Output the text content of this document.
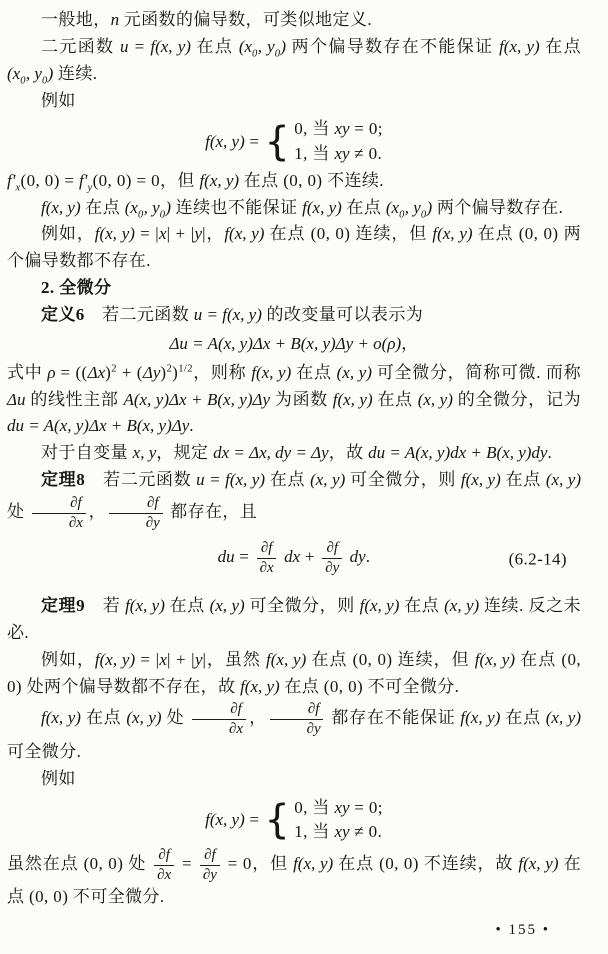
一般地，n 元函数的偏导数，可类似地定义.

二元函数 u = f(x, y) 在点 ($x_0$, $y_0$) 两个偏导数存在不能保证 f(x, y) 在点 ($x_0$, $y_0$) 连续.

例如

f(x, y) = { 0, 当 xy = 0;
1, 当 xy ≠ 0.

$f'_x(0$, $0) = f'_y(0$, 0) = 0，但 f(x, y) 在点 (0, 0) 不连续.

f(x, y) 在点 ($x_0$, $y_0$) 连续也不能保证 f(x, y) 在点 ($x_0$, $y_0$) 两个偏导数存在.

例如，f(x, y) = |x| + |y|，f(x, y) 在点 (0, 0) 连续，但 f(x, y) 在点 (0, 0) 两个偏导数都不存在.

2. 全微分

定义6　若二元函数 u = f(x, y) 的改变量可以表示为

Δu = A(x, y)Δx + B(x, y)Δy + o(ρ)，

式中 $\rho = ((\Delta x)^2 + (\Delta y)^2)^{1/2}$，则称 f(x, y) 在点 (x, y) 可全微分，简称可微. 而称 Δu 的线性主部 A(x, y)Δx + B(x, y)Δy 为函数 f(x, y) 在点 (x, y) 的全微分，记为 du = A(x, y)Δx + B(x, y)Δy.

对于自变量 x, y，规定 dx = Δx, dy = Δy，故 du = A(x, y)dx + B(x, y)dy.

定理8　若二元函数 u = f(x, y) 在点 (x, y) 可全微分，则 f(x, y) 在点 (x, y) 处 $\frac{\partial f}{\partial x}$ ， $\frac{\partial f}{\partial y}$ 都存在，且

du = $\frac{\partial f}{\partial x}$ dx + $\frac{\partial f}{\partial y}$ dy.	(6.2-14)

定理9　若 f(x, y) 在点 (x, y) 可全微分，则 f(x, y) 在点 (x, y) 连续. 反之未必.

例如，f(x, y) = |x| + |y|，虽然 f(x, y) 在点 (0, 0) 连续，但 f(x, y) 在点 (0, 0) 处两个偏导数都不存在，故 f(x, y) 在点 (0, 0) 不可全微分.

f(x, y) 在点 (x, y) 处 $\frac{\partial f}{\partial x}$ ， $\frac{\partial f}{\partial y}$ 都存在不能保证 f(x, y) 在点 (x, y) 可全微分.

例如

f(x, y) = { 0, 当 xy = 0;
1, 当 xy ≠ 0.

虽然在点 (0, 0) 处 $\frac{\partial f}{\partial x} = \frac{\partial f}{\partial y} = 0$，但 f(x, y) 在点 (0, 0) 不连续，故 f(x, y) 在点 (0, 0) 不可全微分.

• 155 •
